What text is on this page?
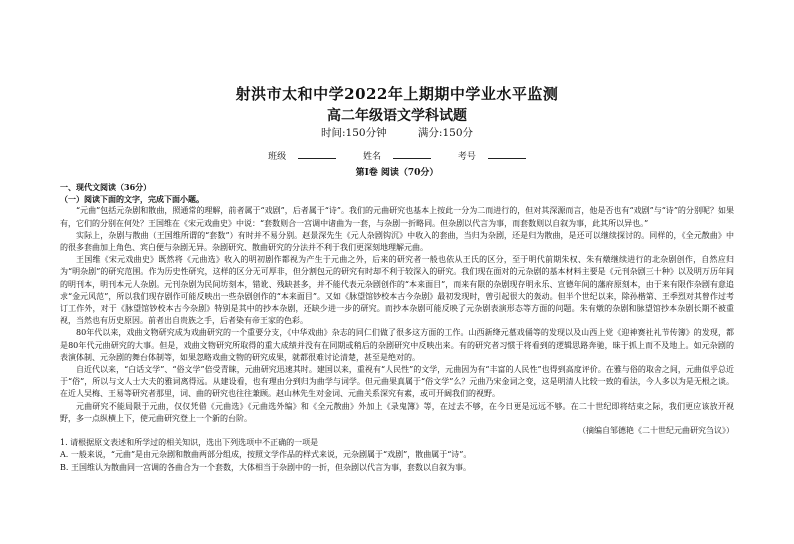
射洪市太和中学2022年上期期中学业水平监测
高二年级语文学科试题
时间:150分钟	满分:150分
班级	姓名	考号
第Ⅰ卷 阅读（70分）

一、现代文阅读（36分）

（一）阅读下面的文字，完成下面小题。

“元曲”包括元杂剧和散曲，照通常的理解，前者属于“戏剧”，后者属于“诗”。我们的元曲研究也基本上按此一分为二而进行的，但对其深源而言，他是否也有“戏剧”与“诗”的分别呢？如果有，它们的分别在何处？王国维在《宋元戏曲史》中说：“套数则合一宫调中诸曲为一套，与杂剧一折略同。但杂剧以代言为事，而套数则以自叙为事，此其所以异也。”

实际上，杂剧与散曲（王国维所谓的“套数”）有时并不易分别。赵景深先生《元人杂剧钩沉》中收入的套曲，当归为杂剧，还是归为散曲，是还可以继续探讨的。同样的，《全元散曲》中的很多套曲加上角色、宾白便与杂剧无异。杂剧研究、散曲研究的分法并不利于我们更深刻地理解元曲。

王国维《宋元戏曲史》既然将《元曲选》收入的明初剧作都视为产生于元曲之外，后来的研究者一般也依从王氏的区分，至于明代前期朱权、朱有燉继续进行的北杂剧创作，自然应归为“明杂剧”的研究范围。作为历史性研究，这样的区分无可厚非，但分割包元的研究有时却不利于较深入的研究。我们现在面对的元杂剧的基本材料主要是《元刊杂剧三十种》以及明万历年间的明刊本，明刊本元人杂剧。元刊杂剧为民间坊刻本，错讹、残缺甚多，并不能代表元杂剧创作的“本来面目”，而来有限的杂剧现存明永乐、宣德年间的藩府原刻本，由于来有限作杂剧有意追求“金元风范”，所以我们现存剧作可能反映出一些杂剧创作的“本来面目”。又如《脉望馆钞校本古今杂剧》最初发现时，曾引起很大的轰动。但半个世纪以来，除孙楷第、王季烈对其曾作过考订工作外，对于《脉望馆钞校本古今杂剧》特别是其中的抄本杂剧，还缺少进一步的研究。而抄本杂剧可能反映了元杂剧表演形态等方面的问题。朱有燉的杂剧和脉望馆抄本杂剧长期不被重视，当然也有历史原因。前者出自贵族之手，后者染有帝王家的色彩。

80年代以来，戏曲文物研究成为戏曲研究的一个重要分支，《中华戏曲》杂志的同仁们做了很多这方面的工作。山西新绛元墓戏俑等的发现以及山西上党《迎神赛社礼节传簿》的发现，都是80年代元曲研究的大事。但是，戏曲文物研究所取得的重大成绩并没有在同期或稍后的杂剧研究中反映出来。有的研究者习惯于将看到的逻辑思路奔驰，昧于抓上而不及地上。如元杂剧的表演体制、元杂剧的舞台体制等，如果忽略戏曲文物的研究成果，就都很难讨论清楚，甚至是绝对的。

自近代以来，“白话文学”、“俗文学”倍受青睐，元曲研究迅速其时。建国以来，重视有“人民性”的文学，元曲因为有“丰富的人民性”也得到高度评价。在雅与俗的取舍之间，元曲似乎总近于“俗”，所以与文人士大夫的雅词离得远。从建设看，也有理由分到归为曲学与词学。但元曲果真属于“俗文学”么？元曲乃宋金词之变，这是明清人比较一致的看法，今人多以为是无根之谈。在近人吴梅、王易等研究者那里，词、曲的研究也往往兼顾。赵山林先生对金词、元曲关系深究有素，或可开阔我们的视野。

元曲研究不能局限于元曲，仅仅凭借《元曲选》《元曲选外编》和《全元散曲》外加上《录鬼簿》等，在过去不够，在今日更是远远不够。在二十世纪即将结束之际，我们更应该放开视野，多一点纵横上下，使元曲研究登上一个新的台阶。

（摘编自邹德艳《二十世纪元曲研究刍议》）

1. 请根据原文表述和所学过的相关知识，选出下列选项中不正确的一项是

A. 一般来说，“元曲”是由元杂剧和散曲两部分组成，按照文学作品的样式来说，元杂剧属于“戏剧”，散曲属于“诗”。

B. 王国维认为散曲同一宫调的各曲合为一个套数，大体相当于杂剧中的一折，但杂剧以代言为事，套数以自叙为事。
